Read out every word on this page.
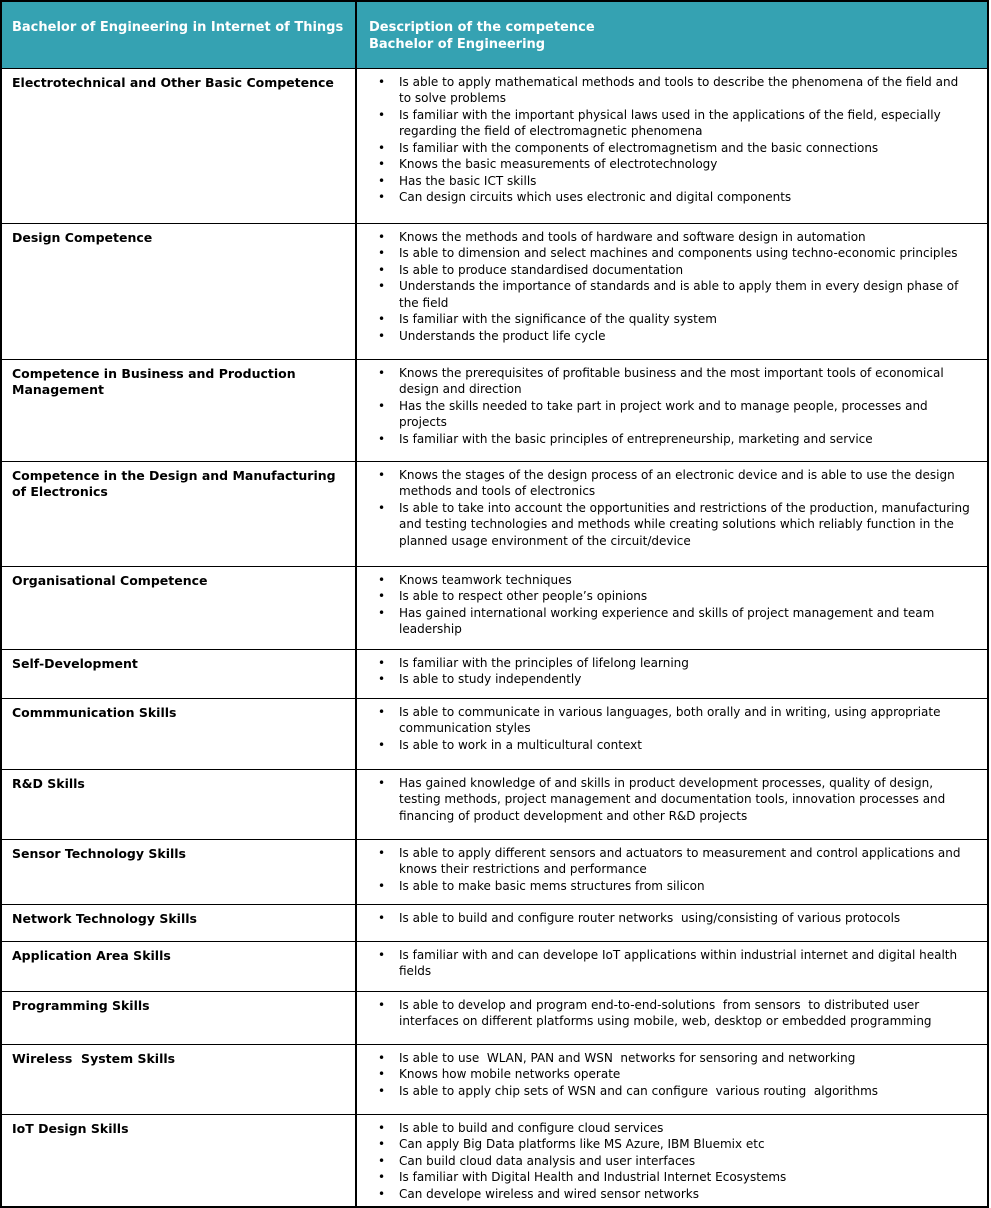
Bachelor of Engineering in Internet of Things	Description of the competence
Bachelor of Engineering

Electrotechnical and Other Basic Competence	
•Is able to apply mathematical methods and tools to describe the phenomena of the field and to solve problems
• Is familiar with the important physical laws used in the applications of the field, especially regarding the field of electromagnetic phenomena
• Is familiar with the components of electromagnetism and the basic connections
• Knows the basic measurements of electrotechnology
• Has the basic ICT skills
• Can design circuits which uses electronic and digital components

Design Competence	
•Knows the methods and tools of hardware and software design in automation
• Is able to dimension and select machines and components using techno-economic principles
• Is able to produce standardised documentation
• Understands the importance of standards and is able to apply them in every design phase of the field
• Is familiar with the significance of the quality system
• Understands the product life cycle

Competence in Business and Production Management	
• Knows the prerequisites of profitable business and the most important tools of economical design and direction
• Has the skills needed to take part in project work and to manage people, processes and projects
• Is familiar with the basic principles of entrepreneurship, marketing and service

Competence in the Design and Manufacturing of Electronics	
• Knows the stages of the design process of an electronic device and is able to use the design methods and tools of electronics
• Is able to take into account the opportunities and restrictions of the production, manufacturing and testing technologies and methods while creating solutions which reliably function in the planned usage environment of the circuit/device

Organisational Competence	
•Knows teamwork techniques
• Is able to respect other people’s opinions
• Has gained international working experience and skills of project management and team leadership

Self-Development	
•Is familiar with the principles of lifelong learning
• Is able to study independently

Commmunication Skills	
•Is able to communicate in various languages, both orally and in writing, using appropriate communication styles
• Is able to work in a multicultural context

R&D Skills	
•Has gained knowledge of and skills in product development processes, quality of design, testing methods, project management and documentation tools, innovation processes and financing of product development and other R&D projects

Sensor Technology Skills	
•Is able to apply different sensors and actuators to measurement and control applications and knows their restrictions and performance
• Is able to make basic mems structures from silicon

Network Technology Skills	
•Is able to build and configure router networks  using/consisting of various protocols

Application Area Skills	
•Is familiar with and can develope IoT applications within industrial internet and digital health fields

Programming Skills	
•Is able to develop and program end-to-end-solutions  from sensors  to distributed user interfaces on different platforms using mobile, web, desktop or embedded programming

Wireless  System Skills	
•Is able to use  WLAN, PAN and WSN  networks for sensoring and networking
• Knows how mobile networks operate
• Is able to apply chip sets of WSN and can configure  various routing  algorithms

IoT Design Skills	
•Is able to build and configure cloud services
• Can apply Big Data platforms like MS Azure, IBM Bluemix etc
• Can build cloud data analysis and user interfaces
• Is familiar with Digital Health and Industrial Internet Ecosystems
• Can develope wireless and wired sensor networks
